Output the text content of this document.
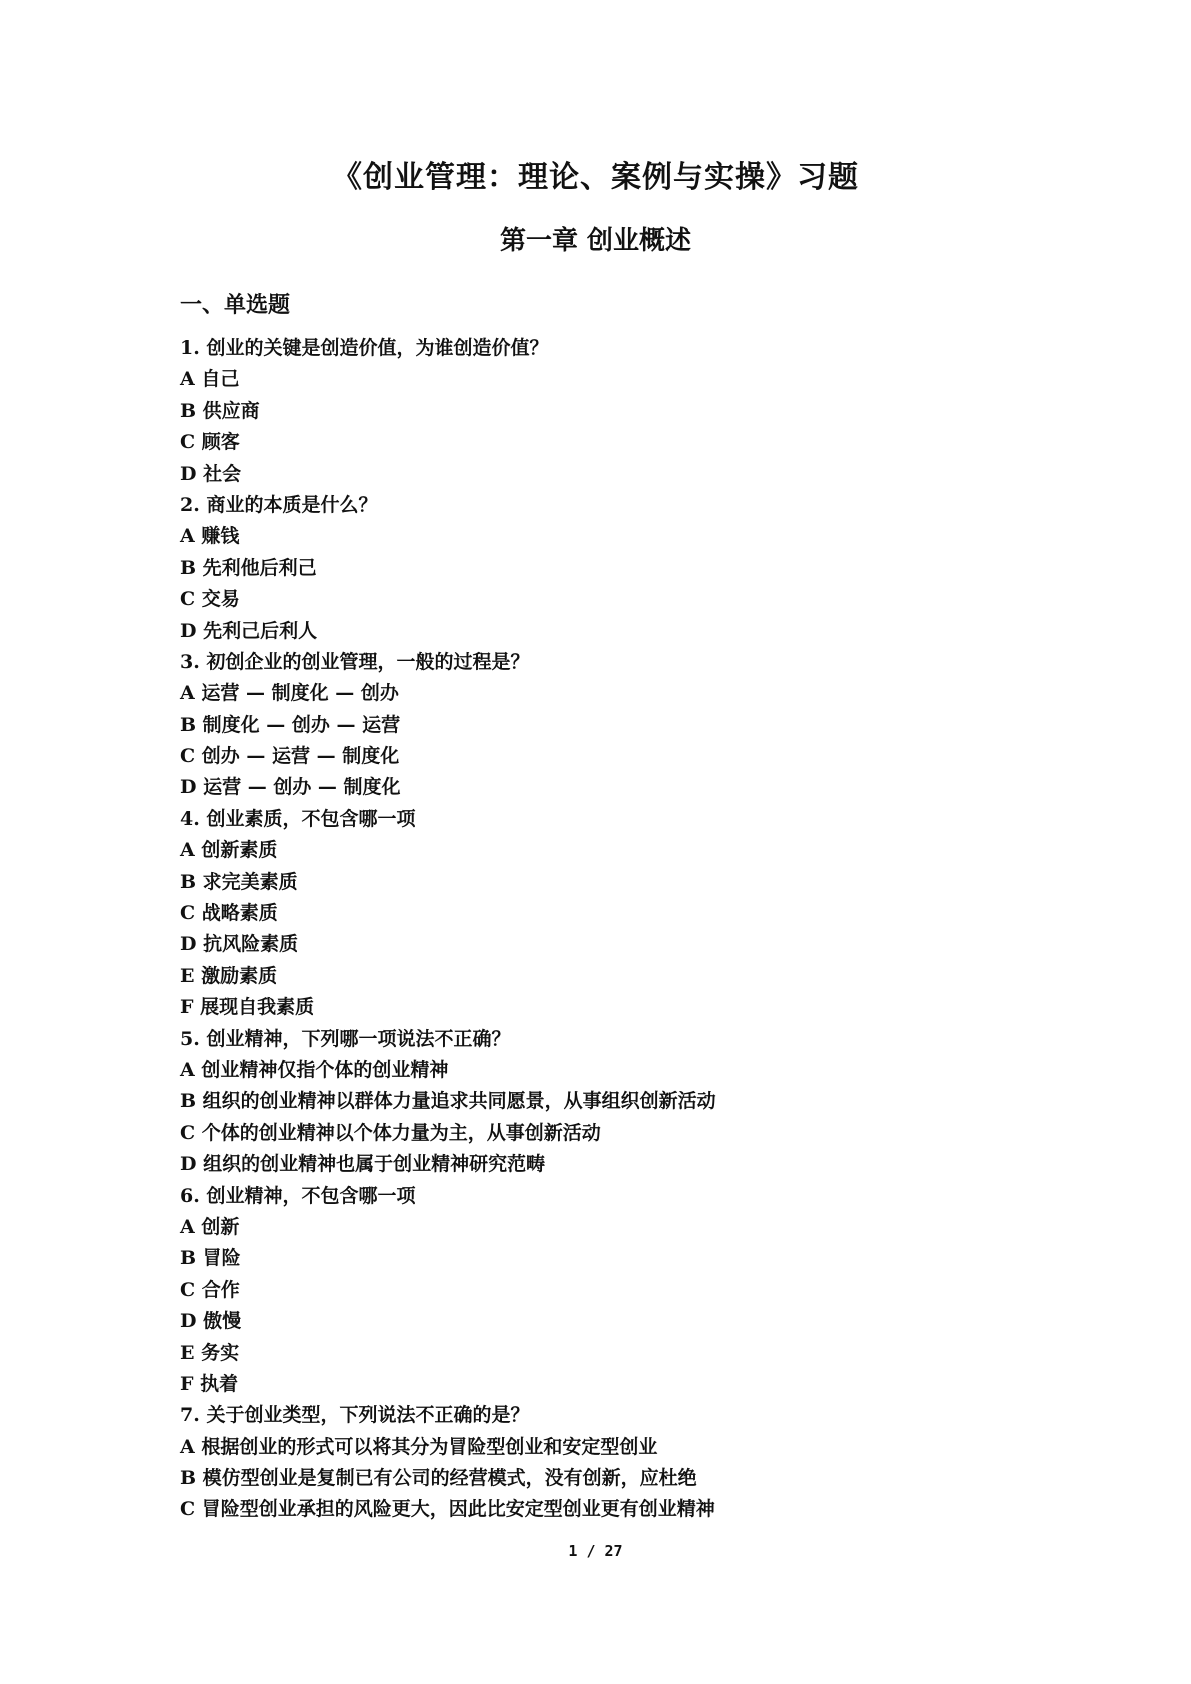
《创业管理：理论、案例与实操》习题
第一章 创业概述
一、单选题
1. 创业的关键是创造价值，为谁创造价值？
A 自己
B 供应商
C 顾客
D 社会
2. 商业的本质是什么？
A 赚钱
B 先利他后利己
C 交易
D 先利己后利人
3. 初创企业的创业管理，一般的过程是？
A 运营 — 制度化 — 创办
B 制度化 — 创办 — 运营
C 创办 — 运营 — 制度化
D 运营 — 创办 — 制度化
4. 创业素质，不包含哪一项
A 创新素质
B 求完美素质
C 战略素质
D 抗风险素质
E 激励素质
F 展现自我素质
5. 创业精神，下列哪一项说法不正确？
A 创业精神仅指个体的创业精神
B 组织的创业精神以群体力量追求共同愿景，从事组织创新活动
C 个体的创业精神以个体力量为主，从事创新活动
D 组织的创业精神也属于创业精神研究范畴
6. 创业精神，不包含哪一项
A 创新
B 冒险
C 合作
D 傲慢
E 务实
F 执着
7. 关于创业类型，下列说法不正确的是？
A 根据创业的形式可以将其分为冒险型创业和安定型创业
B 模仿型创业是复制已有公司的经营模式，没有创新，应杜绝
C 冒险型创业承担的风险更大，因此比安定型创业更有创业精神
1 / 27
